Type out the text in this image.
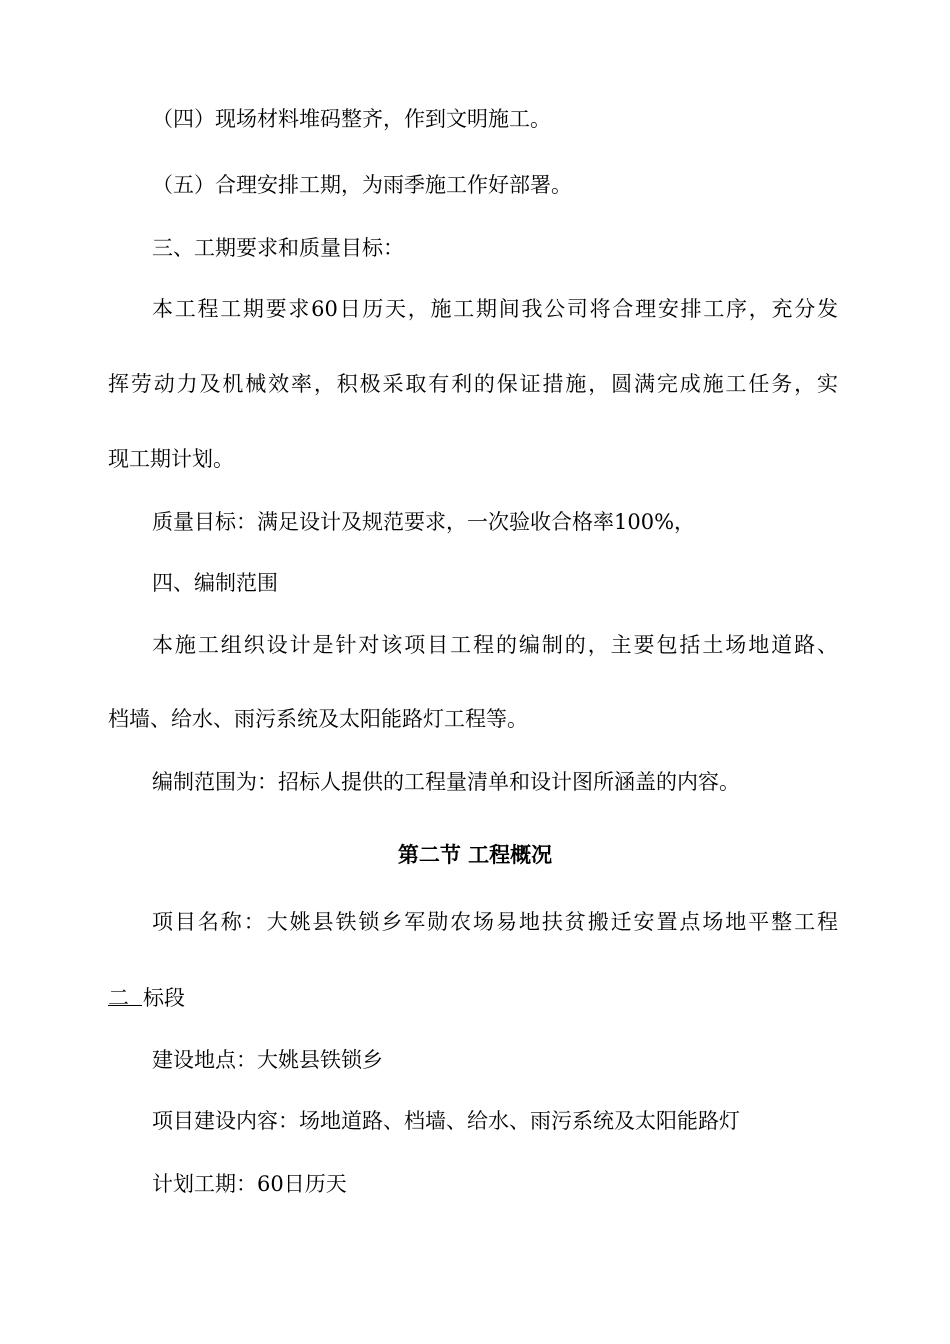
（四）现场材料堆码整齐，作到文明施工。
（五）合理安排工期，为雨季施工作好部署。
三、工期要求和质量目标：
本工程工期要求60日历天，施工期间我公司将合理安排工序，充分发
挥劳动力及机械效率，积极采取有利的保证措施，圆满完成施工任务，实
现工期计划。
质量目标：满足设计及规范要求，一次验收合格率100%，
四、编制范围
本施工组织设计是针对该项目工程的编制的，主要包括土场地道路、
档墙、给水、雨污系统及太阳能路灯工程等。
编制范围为：招标人提供的工程量清单和设计图所涵盖的内容。
第二节 工程概况
项目名称：大姚县铁锁乡军勋农场易地扶贫搬迁安置点场地平整工程
二 标段
建设地点：大姚县铁锁乡
项目建设内容：场地道路、档墙、给水、雨污系统及太阳能路灯
计划工期：60日历天
